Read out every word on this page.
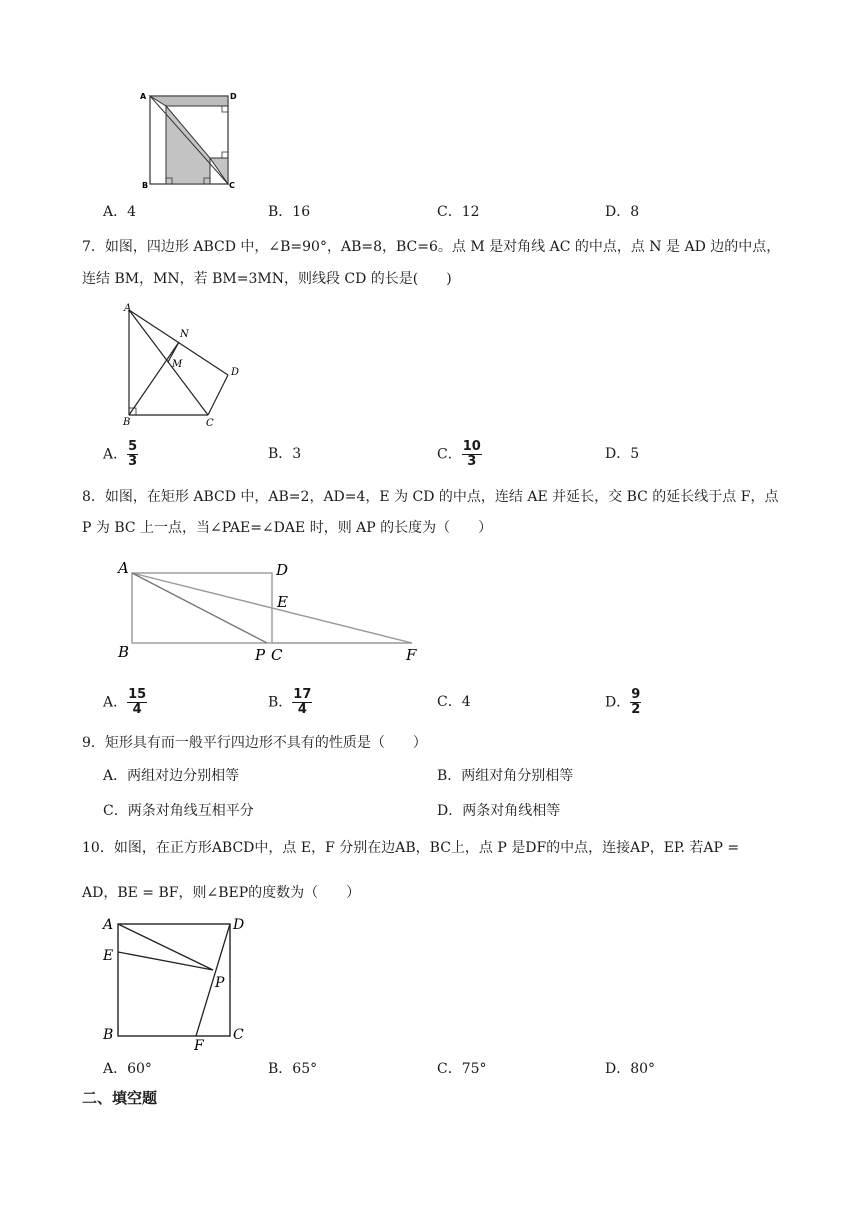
A	D
B	C
A．4	B．16	C．12	D．8
7．如图，四边形 ABCD 中，∠B=90°，AB=8，BC=6。点 M 是对角线 AC 的中点，点 N 是 AD 边的中点，
连结 BM，MN，若 BM=3MN，则线段 CD 的长是(　　)
A
N
M
D
B	C
A． $\frac{5}{3}$	B．3	C． $\frac{10}{3}$	D．5
8．如图，在矩形 ABCD 中，AB=2，AD=4，E 为 CD 的中点，连结 AE 并延长，交 BC 的延长线于点 F，点
P 为 BC 上一点，当∠PAE=∠DAE 时，则 AP 的长度为（　　）
A	D
E
B	P C	F
A． $\frac{15}{4}$	B． $\frac{17}{4}$	C．4	D． $\frac{9}{2}$
9．矩形具有而一般平行四边形不具有的性质是（　　）
A．两组对边分别相等	B．两组对角分别相等
C．两条对角线互相平分	D．两条对角线相等
10．如图，在正方形ABCD中，点 E，F 分别在边AB，BC上，点 P 是DF的中点，连接AP，EP. 若AP =
AD，BE = BF，则∠BEP的度数为（　　）
A	D
E
P
B	C
F
A．60°	B．65°	C．75°	D．80°
二、填空题
